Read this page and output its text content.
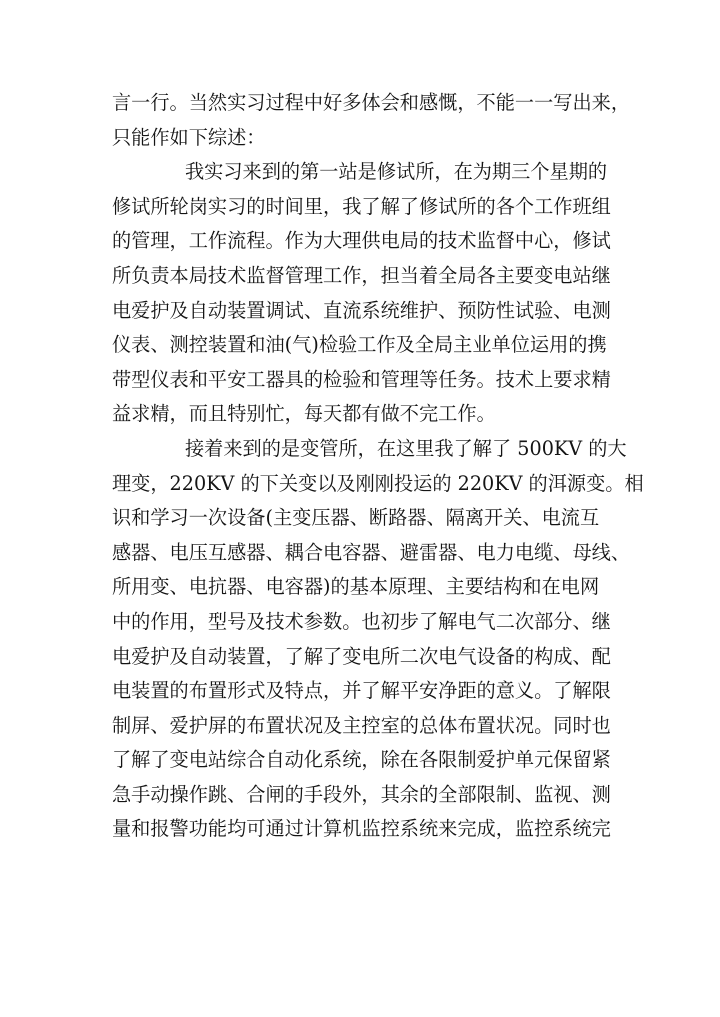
言一行。当然实习过程中好多体会和感慨，不能一一写出来，
只能作如下综述：
我实习来到的第一站是修试所，在为期三个星期的
修试所轮岗实习的时间里，我了解了修试所的各个工作班组
的管理，工作流程。作为大理供电局的技术监督中心，修试
所负责本局技术监督管理工作，担当着全局各主要变电站继
电爱护及自动装置调试、直流系统维护、预防性试验、电测
仪表、测控装置和油(气)检验工作及全局主业单位运用的携
带型仪表和平安工器具的检验和管理等任务。技术上要求精
益求精，而且特别忙，每天都有做不完工作。
接着来到的是变管所，在这里我了解了 500KV 的大
理变，220KV 的下关变以及刚刚投运的 220KV 的洱源变。相
识和学习一次设备(主变压器、断路器、隔离开关、电流互
感器、电压互感器、耦合电容器、避雷器、电力电缆、母线、
所用变、电抗器、电容器)的基本原理、主要结构和在电网
中的作用，型号及技术参数。也初步了解电气二次部分、继
电爱护及自动装置，了解了变电所二次电气设备的构成、配
电装置的布置形式及特点，并了解平安净距的意义。了解限
制屏、爱护屏的布置状况及主控室的总体布置状况。同时也
了解了变电站综合自动化系统，除在各限制爱护单元保留紧
急手动操作跳、合闸的手段外，其余的全部限制、监视、测
量和报警功能均可通过计算机监控系统来完成，监控系统完
